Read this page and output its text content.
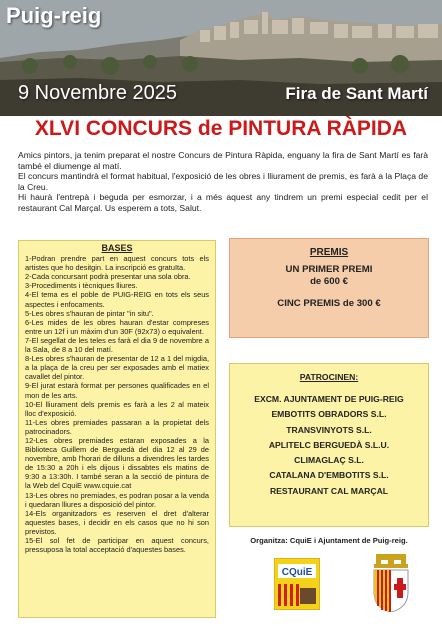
Puig-reig
9 Novembre 2025	Fira de Sant Martí
XLVI CONCURS de PINTURA RÀPIDA

Amics pintors, ja tenim preparat el nostre Concurs de Pintura Ràpida, enguany la fira de Sant Martí es farà també el diumenge al matí.

El concurs mantindrà el format habitual, l'exposició de les obres i lliurament de premis, es farà a la Plaça de la Creu.

Hi haurà l'entrepà i beguda per esmorzar, i a més aquest any tindrem un premi especial cedit per el restaurant Cal Marçal. Us esperem a tots, Salut.

BASES

1-Podran prendre part en aquest concurs tots els artistes que ho desitgin. La inscripció es gratuïta.

2-Cada concursant podrà presentar una sola obra.

3-Procediments i tècniques lliures.

4-El tema es el poble de PUIG-REIG en tots els seus aspectes i enfocaments.

5-Les obres s'hauran de pintar "in situ".

6-Les mides de les obres hauran d'estar compreses entre un 12f i un màxim d'un 30F (92x73) o equivalent.

7-El segellat de les teles es farà el dia 9 de novembre a la Sala, de 8 a 10 del matí.

8-Les obres s'hauran de presentar de 12 a 1 del migdia, a la plaça de la creu per ser exposades amb el matiex cavallet del pintor.

9-El jurat estarà format per persones qualificades en el mon de les arts.

10-El lliurament dels premis es farà a les 2 al mateix lloc d'exposició.

11-Les obres premiades passaran a la propietat dels patrocinadors.

12-Les obres premiades estaran exposades a la Biblioteca Guillem de Berguedà del dia 12 al 29 de novembre, amb l'horari de dilluns a divendres les tardes de 15:30 a 20h i els dijous i dissabtes els matins de 9:30 a 13:30h. I també seran a la secció de pintura de la Web del CquiE www.cquie.cat

13-Les obres no premiades, es podran posar a la venda i quedaran lliures a disposició del pintor.

14-Els organitzadors es reserven el dret d'alterar aquestes bases, i decidir en els casos que no hi son previstos.

15-El sol fet de participar en aquest concurs, pressuposa la total acceptació d'aquestes bases.

PREMIS
UN PRIMER PREMI
de 600 €
CINC PREMIS de 300 €
PATROCINEN:
EXCM. AJUNTAMENT DE PUIG-REIG
EMBOTITS OBRADORS S.L.
TRANSVINYOTS S.L.
APLITELC BERGUEDÀ S.L.U.
CLIMAGLAÇ S.L.
CATALANA D'EMBOTITS S.L.
RESTAURANT CAL MARÇAL
Organitza: CquiE i Ajuntament de Puig-reig.
CQuiE
